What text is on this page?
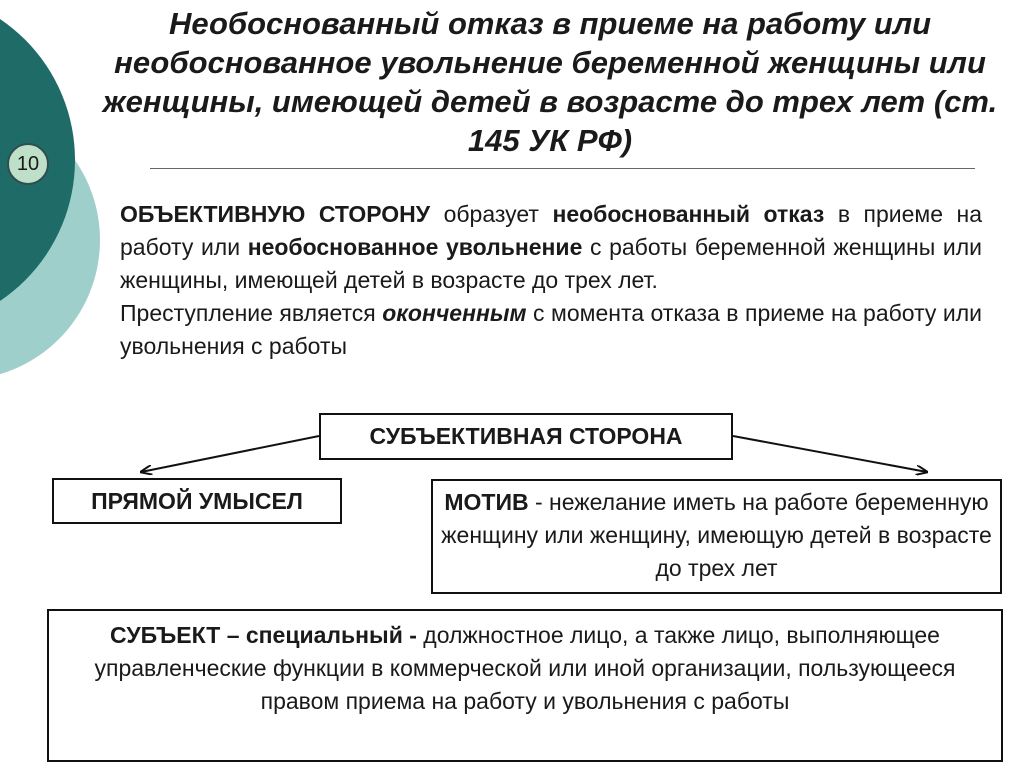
10
Необоснованный отказ в приеме на работу или необоснованное увольнение беременной женщины или женщины, имеющей детей в возрасте до трех лет (ст. 145 УК РФ)

ОБЪЕКТИВНУЮ СТОРОНУ образует необоснованный отказ в приеме на работу или необоснованное увольнение с работы беременной женщины или женщины, имеющей детей в возрасте до трех лет.

Преступление является оконченным с момента отказа в приеме на работу или увольнения с работы

СУБЪЕКТИВНАЯ СТОРОНА
ПРЯМОЙ УМЫСЕЛ	МОТИВ - нежелание иметь на работе беременную женщину или женщину, имеющую детей в возрасте до трех лет
СУБЪЕКТ – специальный - должностное лицо, а также лицо, выполняющее управленческие функции в коммерческой или иной организации, пользующееся правом приема на работу и увольнения с работы
